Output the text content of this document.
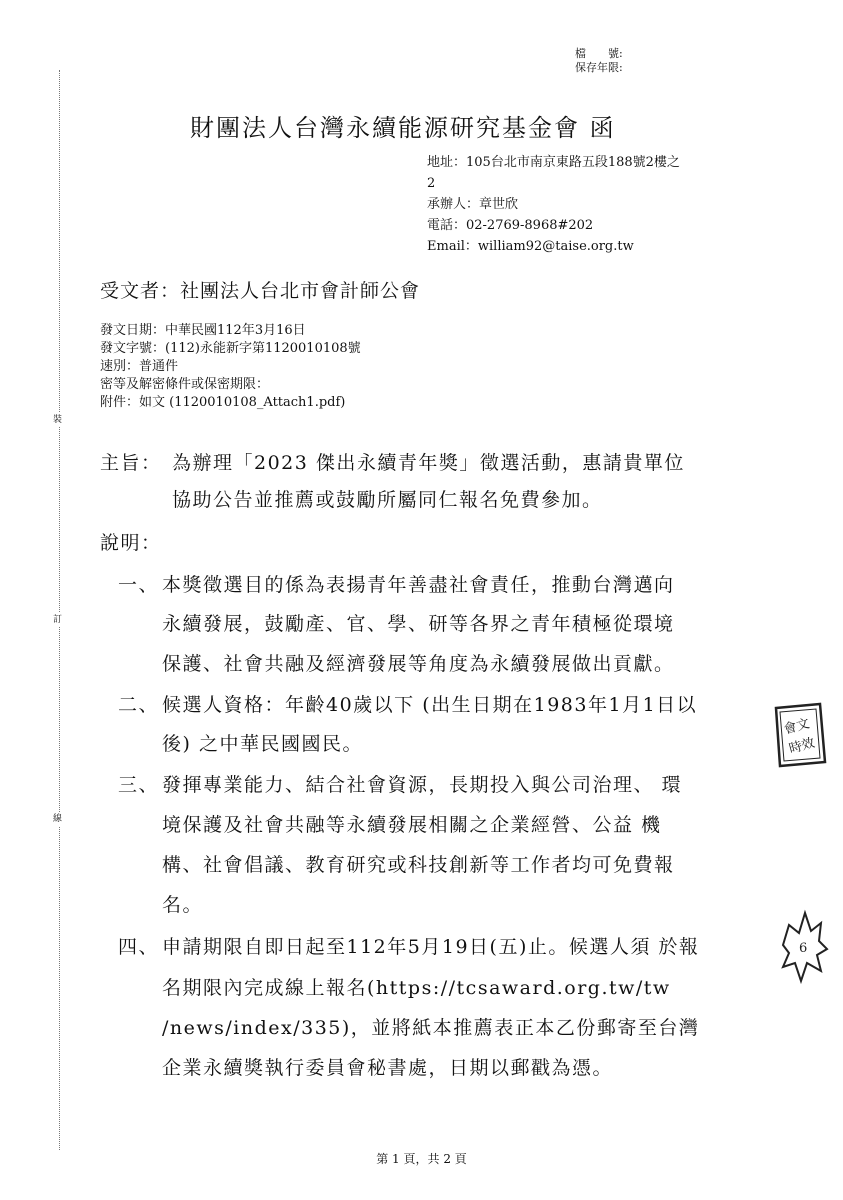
裝
訂
線
檔　　號:
保存年限:
財團法人台灣永續能源研究基金會 函
地址：105台北市南京東路五段188號2樓之
2
承辦人：章世欣
電話：02-2769-8968#202
Email：william92@taise.org.tw
受文者：社團法人台北市會計師公會
發文日期：中華民國112年3月16日
發文字號：(112)永能新字第1120010108號
速別：普通件
密等及解密條件或保密期限：
附件：如文 (1120010108_Attach1.pdf)
主旨： 為辦理「2023 傑出永續青年獎」徵選活動，惠請貴單位
協助公告並推薦或鼓勵所屬同仁報名免費參加。
說明：
一、 本獎徵選目的係為表揚青年善盡社會責任，推動台灣邁向
永續發展，鼓勵產、官、學、研等各界之青年積極從環境
保護、社會共融及經濟發展等角度為永續發展做出貢獻。
二、 候選人資格：年齡40歲以下 (出生日期在1983年1月1日以
後) 之中華民國國民。
三、 發揮專業能力、結合社會資源，長期投入與公司治理、 環
境保護及社會共融等永續發展相關之企業經營、公益 機
構、社會倡議、教育研究或科技創新等工作者均可免費報
名。
四、 申請期限自即日起至112年5月19日(五)止。候選人須 於報
名期限內完成線上報名(https://tcsaward.org.tw/tw
/news/index/335)，並將紙本推薦表正本乙份郵寄至台灣
企業永續獎執行委員會秘書處，日期以郵戳為憑。
會文
時效
6
第 1 頁，共 2 頁
